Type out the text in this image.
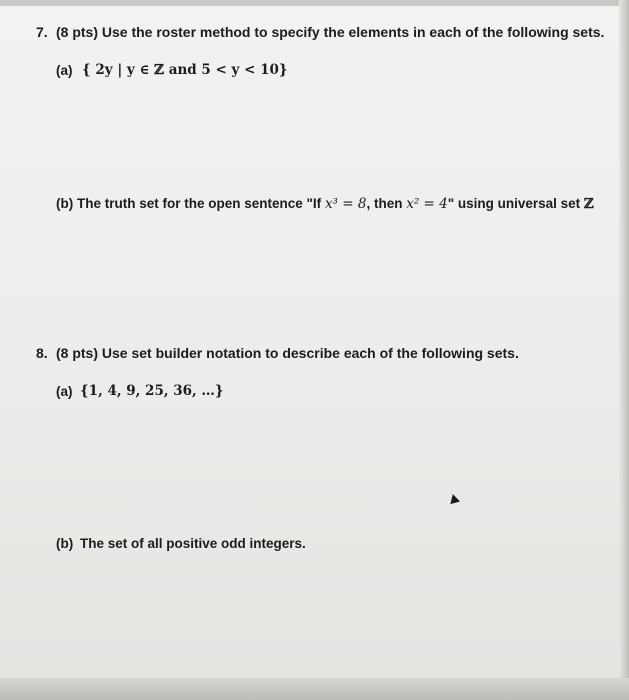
7. (8 pts) Use the roster method to specify the elements in each of the following sets.
(a) { 2y | y ∈ ℤ and 5 < y < 10}
(b) The truth set for the open sentence "If x³ = 8, then x² = 4" using universal set ℤ
8. (8 pts) Use set builder notation to describe each of the following sets.
(a) {1, 4, 9, 25, 36, …}
(b) The set of all positive odd integers.
